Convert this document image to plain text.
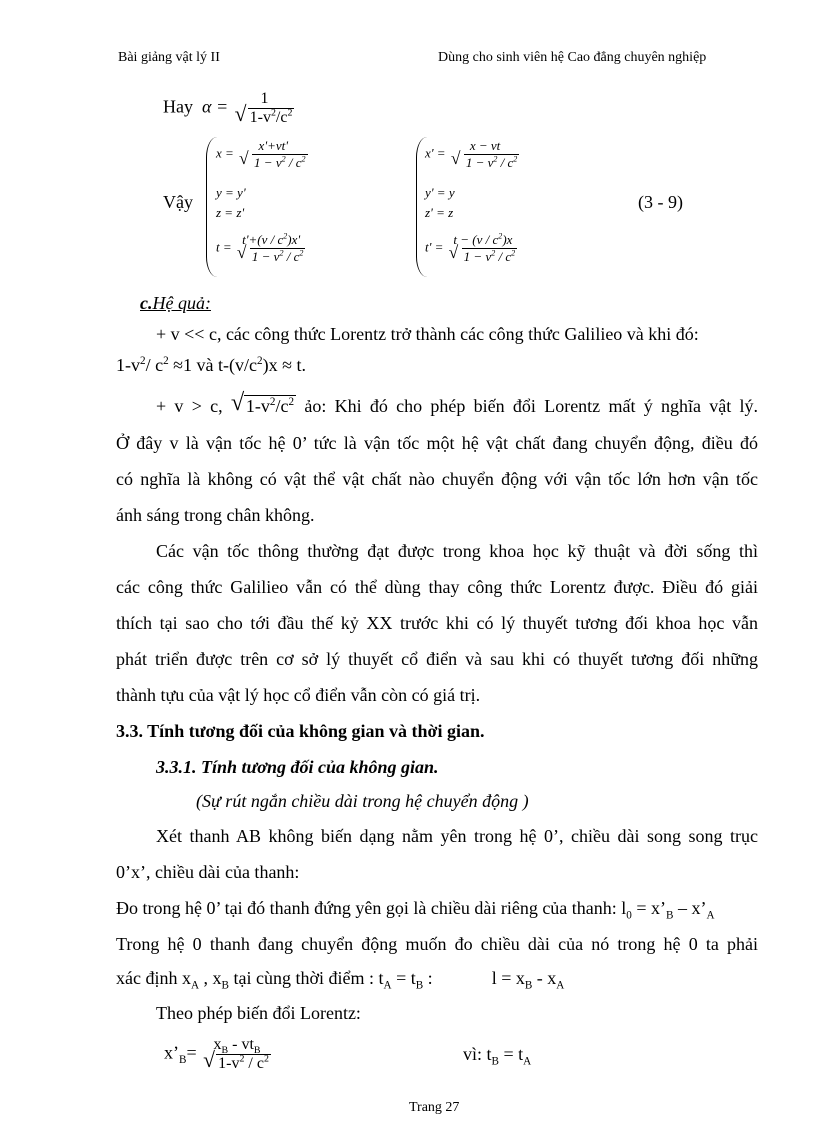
Bài giảng vật lý II	Dùng cho sinh viên hệ Cao đẳng chuyên nghiệp
Hay α =	1
√ $1-v^2/c^2$
Vậy
x =	x'+vt'
√ $1 - v^2 / c^2$
y = y'
z = z'
$t = t'+(v / c^2)x'$
√ $1 - v^2 / c^2$
x' =	x − vt
√ $1 - v^2 / c^2$
y' = y
z' = z
$t' = t - (v / c^2)x$
√ $1 - v^2 / c^2$
(3 - 9)
c.Hệ quả:
+ v << c, các công thức Lorentz trở thành các công thức Galilieo và khi đó:
$1-v^2/$ $c^2 \approx 1$ và $t-(v/c^2)x \approx t$.
+ v > c, √ $1-v^2/c^2$ ảo: Khi đó cho phép biến đổi Lorentz mất ý nghĩa vật lý.
Ở đây v là vận tốc hệ 0’ tức là vận tốc một hệ vật chất đang chuyển động, điều đó
có nghĩa là không có vật thể vật chất nào chuyển động với vận tốc lớn hơn vận tốc
ánh sáng trong chân không.
Các vận tốc thông thường đạt được trong khoa học kỹ thuật và đời sống thì
các công thức Galilieo vẫn có thể dùng thay công thức Lorentz được. Điều đó giải
thích tại sao cho tới đầu thế kỷ XX trước khi có lý thuyết tương đối khoa học vẫn
phát triển được trên cơ sở lý thuyết cổ điển và sau khi có thuyết tương đối những
thành tựu của vật lý học cổ điển vẫn còn có giá trị.
3.3. Tính tương đối của không gian và thời gian.
3.3.1. Tính tương đối của không gian.
(Sự rút ngắn chiều dài trong hệ chuyển động )
Xét thanh AB không biến dạng nằm yên trong hệ 0’, chiều dài song song trục
0’x’, chiều dài của thanh:
Đo trong hệ 0’ tại đó thanh đứng yên gọi là chiều dài riêng của thanh: $l_0$ = $x’_B$ – $x’_A$
Trong hệ 0 thanh đang chuyển động muốn đo chiều dài của nó trong hệ 0 ta phải
xác định $x_A$ , $x_B$ tại cùng thời điểm : $t_A = t_B$ :	$l = x_B - x_A$
Theo phép biến đổi Lorentz:
$x’_B=$	$x_B - vt_B$
√ $1-v^2 / c^2$	vì: $t_B = t_A$
Trang 27
